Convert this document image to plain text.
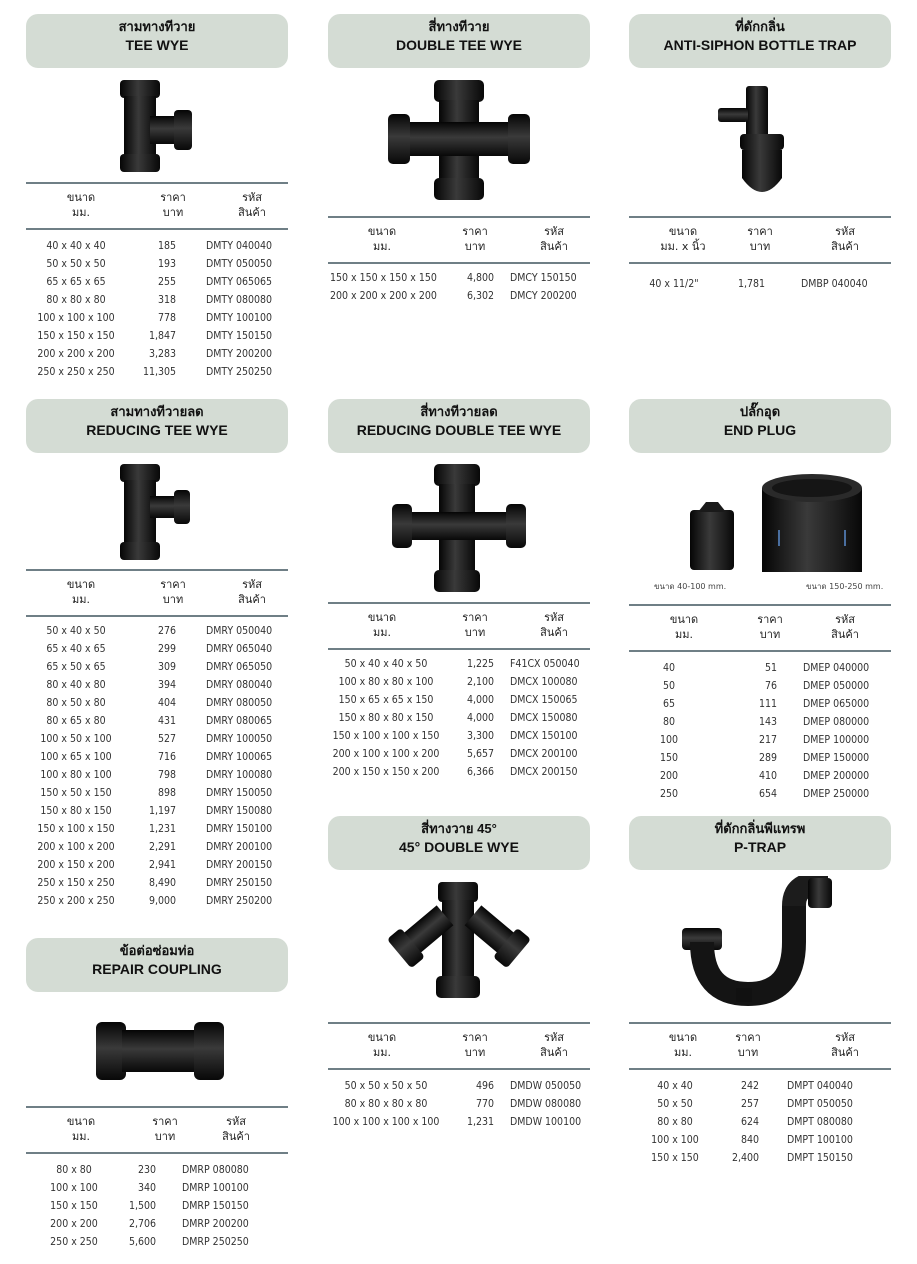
สามทางทีวาย
TEE WYE
ขนาด
มม.
ราคา
บาท
รหัส
สินค้า
40 x 40 x 40	185	DMTY 040040
50 x 50 x 50	193	DMTY 050050
65 x 65 x 65	255	DMTY 065065
80 x 80 x 80	318	DMTY 080080
100 x 100 x 100	778	DMTY 100100
150 x 150 x 150	1,847	DMTY 150150
200 x 200 x 200	3,283	DMTY 200200
250 x 250 x 250	11,305	DMTY 250250
สี่ทางทีวาย
DOUBLE TEE WYE
ขนาด
มม.
ราคา
บาท
รหัส
สินค้า
150 x 150 x 150 x 150	4,800 DMCY 150150
200 x 200 x 200 x 200	6,302 DMCY 200200
ที่ดักกลิ่น
ANTI-SIPHON BOTTLE TRAP
ขนาด
มม. x นิ้ว
ราคา
บาท
รหัส
สินค้า
40 x 11/2"	1,781	DMBP 040040
สามทางทีวายลด
REDUCING TEE WYE
ขนาด
มม.
ราคา
บาท
รหัส
สินค้า
50 x 40 x 50	276	DMRY 050040
65 x 40 x 65	299	DMRY 065040
65 x 50 x 65	309	DMRY 065050
80 x 40 x 80	394	DMRY 080040
80 x 50 x 80	404	DMRY 080050
80 x 65 x 80	431	DMRY 080065
100 x 50 x 100	527	DMRY 100050
100 x 65 x 100	716	DMRY 100065
100 x 80 x 100	798	DMRY 100080
150 x 50 x 150	898	DMRY 150050
150 x 80 x 150	1,197	DMRY 150080
150 x 100 x 150	1,231	DMRY 150100
200 x 100 x 200	2,291	DMRY 200100
200 x 150 x 200	2,941	DMRY 200150
250 x 150 x 250	8,490	DMRY 250150
250 x 200 x 250	9,000	DMRY 250200
สี่ทางทีวายลด
REDUCING DOUBLE TEE WYE
ขนาด
มม.
ราคา
บาท
รหัส
สินค้า
50 x 40 x 40 x 50	1,225 F41CX 050040
100 x 80 x 80 x 100	2,100 DMCX 100080
150 x 65 x 65 x 150	4,000 DMCX 150065
150 x 80 x 80 x 150	4,000 DMCX 150080
150 x 100 x 100 x 150	3,300 DMCX 150100
200 x 100 x 100 x 200	5,657 DMCX 200100
200 x 150 x 150 x 200	6,366 DMCX 200150
ปลั๊กอุด
END PLUG
ขนาด 40-100 mm.	ขนาด 150-250 mm.
ขนาด
มม.
ราคา
บาท
รหัส
สินค้า
40	51 DMEP 040000
50	76 DMEP 050000
65	111 DMEP 065000
80	143 DMEP 080000
100	217 DMEP 100000
150	289 DMEP 150000
200	410 DMEP 200000
250	654 DMEP 250000
สี่ทางวาย 45°
45° DOUBLE WYE
ขนาด
มม.
ราคา
บาท
รหัส
สินค้า
50 x 50 x 50 x 50	496 DMDW 050050
80 x 80 x 80 x 80	770 DMDW 080080
100 x 100 x 100 x 100	1,231 DMDW 100100
ที่ดักกลิ่นพีแทรพ
P-TRAP
ขนาด
มม.
ราคา
บาท
รหัส
สินค้า
40 x 40	242	DMPT 040040
50 x 50	257	DMPT 050050
80 x 80	624	DMPT 080080
100 x 100	840	DMPT 100100
150 x 150	2,400	DMPT 150150
ข้อต่อซ่อมท่อ
REPAIR COUPLING
ขนาด
มม.
ราคา
บาท
รหัส
สินค้า
80 x 80	230 DMRP 080080
100 x 100	340 DMRP 100100
150 x 150	1,500 DMRP 150150
200 x 200	2,706 DMRP 200200
250 x 250	5,600 DMRP 250250
